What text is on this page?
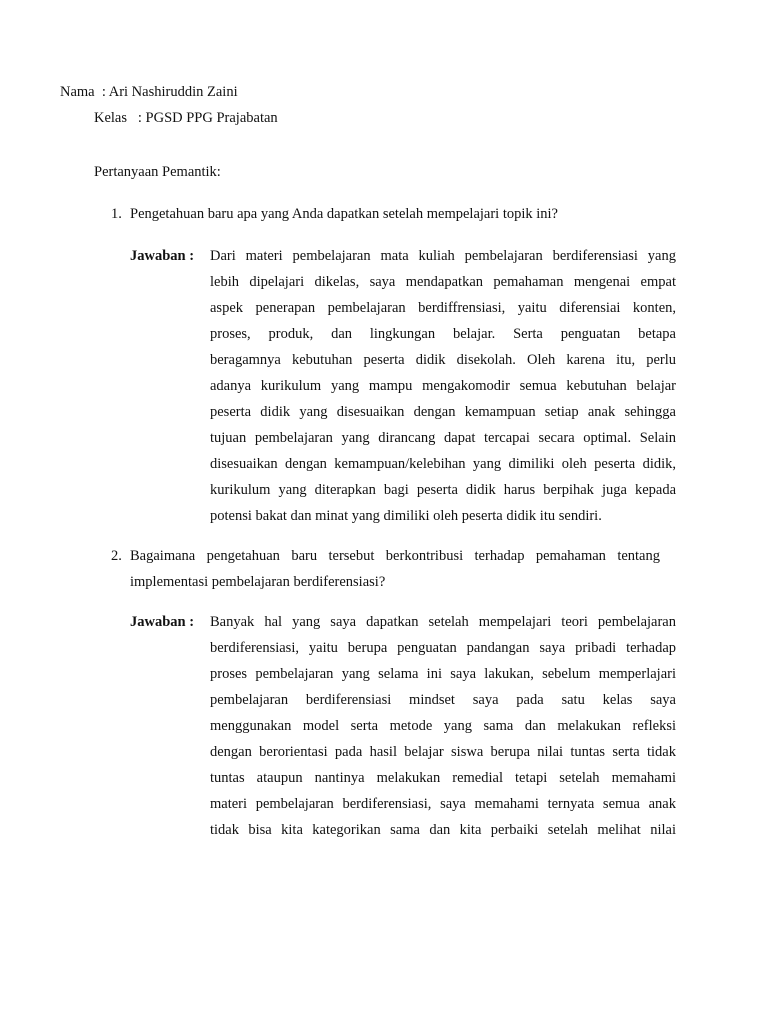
Nama : Ari Nashiruddin Zaini

Kelas : PGSD PPG Prajabatan

Pertanyaan Pemantik:

1. Pengetahuan baru apa yang Anda dapatkan setelah mempelajari topik ini?

Jawaban : Dari materi pembelajaran mata kuliah pembelajaran berdiferensiasi yang

lebih dipelajari dikelas, saya mendapatkan pemahaman mengenai empat

aspek penerapan pembelajaran berdiffrensiasi, yaitu diferensiai konten,

proses, produk, dan lingkungan belajar. Serta penguatan betapa

beragamnya kebutuhan peserta didik disekolah. Oleh karena itu, perlu

adanya kurikulum yang mampu mengakomodir semua kebutuhan belajar

peserta didik yang disesuaikan dengan kemampuan setiap anak sehingga

tujuan pembelajaran yang dirancang dapat tercapai secara optimal. Selain

disesuaikan dengan kemampuan/kelebihan yang dimiliki oleh peserta didik,

kurikulum yang diterapkan bagi peserta didik harus berpihak juga kepada

potensi bakat dan minat yang dimiliki oleh peserta didik itu sendiri.

2. Bagaimana pengetahuan baru tersebut berkontribusi terhadap pemahaman tentang

implementasi pembelajaran berdiferensiasi?

Jawaban : Banyak hal yang saya dapatkan setelah mempelajari teori pembelajaran

berdiferensiasi, yaitu berupa penguatan pandangan saya pribadi terhadap

proses pembelajaran yang selama ini saya lakukan, sebelum memperlajari

pembelajaran berdiferensiasi mindset saya pada satu kelas saya

menggunakan model serta metode yang sama dan melakukan refleksi

dengan berorientasi pada hasil belajar siswa berupa nilai tuntas serta tidak

tuntas ataupun nantinya melakukan remedial tetapi setelah memahami

materi pembelajaran berdiferensiasi, saya memahami ternyata semua anak

tidak bisa kita kategorikan sama dan kita perbaiki setelah melihat nilai
